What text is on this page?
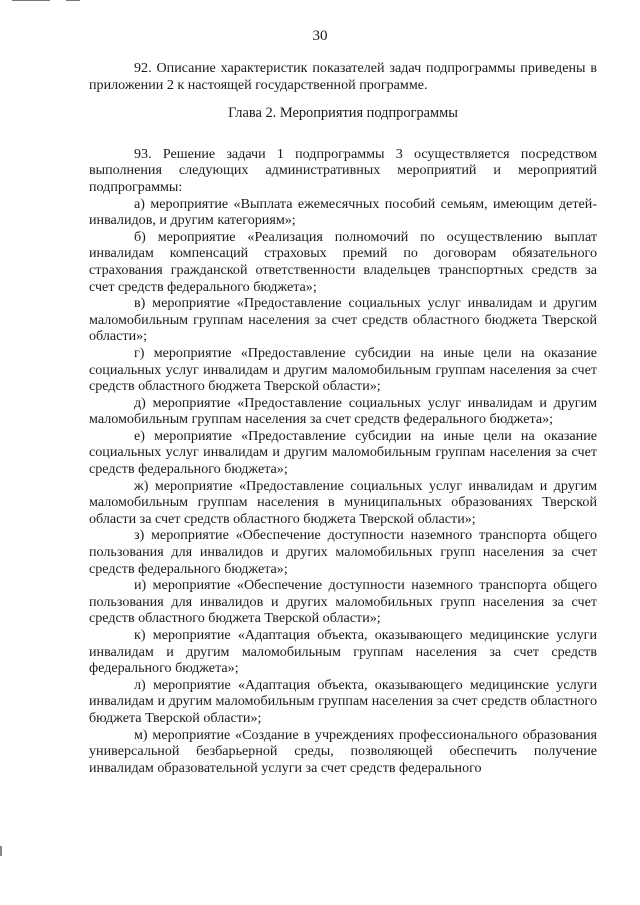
30

92. Описание характеристик показателей задач подпрограммы приведены в приложении 2 к настоящей государственной программе.

Глава 2. Мероприятия подпрограммы

93. Решение задачи 1 подпрограммы 3 осуществляется посредством выполнения следующих административных мероприятий и мероприятий подпрограммы:

а) мероприятие «Выплата ежемесячных пособий семьям, имеющим детей-инвалидов, и другим категориям»;

б) мероприятие «Реализация полномочий по осуществлению выплат инвалидам компенсаций страховых премий по договорам обязательного страхования гражданской ответственности владельцев транспортных средств за счет средств федерального бюджета»;

в) мероприятие «Предоставление социальных услуг инвалидам и другим маломобильным группам населения за счет средств областного бюджета Тверской области»;

г) мероприятие «Предоставление субсидии на иные цели на оказание социальных услуг инвалидам и другим маломобильным группам населения за счет средств областного бюджета Тверской области»;

д) мероприятие «Предоставление социальных услуг инвалидам и другим маломобильным группам населения за счет средств федерального бюджета»;

е) мероприятие «Предоставление субсидии на иные цели на оказание социальных услуг инвалидам и другим маломобильным группам населения за счет средств федерального бюджета»;

ж) мероприятие «Предоставление социальных услуг инвалидам и другим маломобильным группам населения в муниципальных образованиях Тверской области за счет средств областного бюджета Тверской области»;

з) мероприятие «Обеспечение доступности наземного транспорта общего пользования для инвалидов и других маломобильных групп населения за счет средств федерального бюджета»;

и) мероприятие «Обеспечение доступности наземного транспорта общего пользования для инвалидов и других маломобильных групп населения за счет средств областного бюджета Тверской области»;

к) мероприятие «Адаптация объекта, оказывающего медицинские услуги инвалидам и другим маломобильным группам населения за счет средств федерального бюджета»;

л) мероприятие «Адаптация объекта, оказывающего медицинские услуги инвалидам и другим маломобильным группам населения за счет средств областного бюджета Тверской области»;

м) мероприятие «Создание в учреждениях профессионального образования универсальной безбарьерной среды, позволяющей обеспечить получение инвалидам образовательной услуги за счет средств федерального
